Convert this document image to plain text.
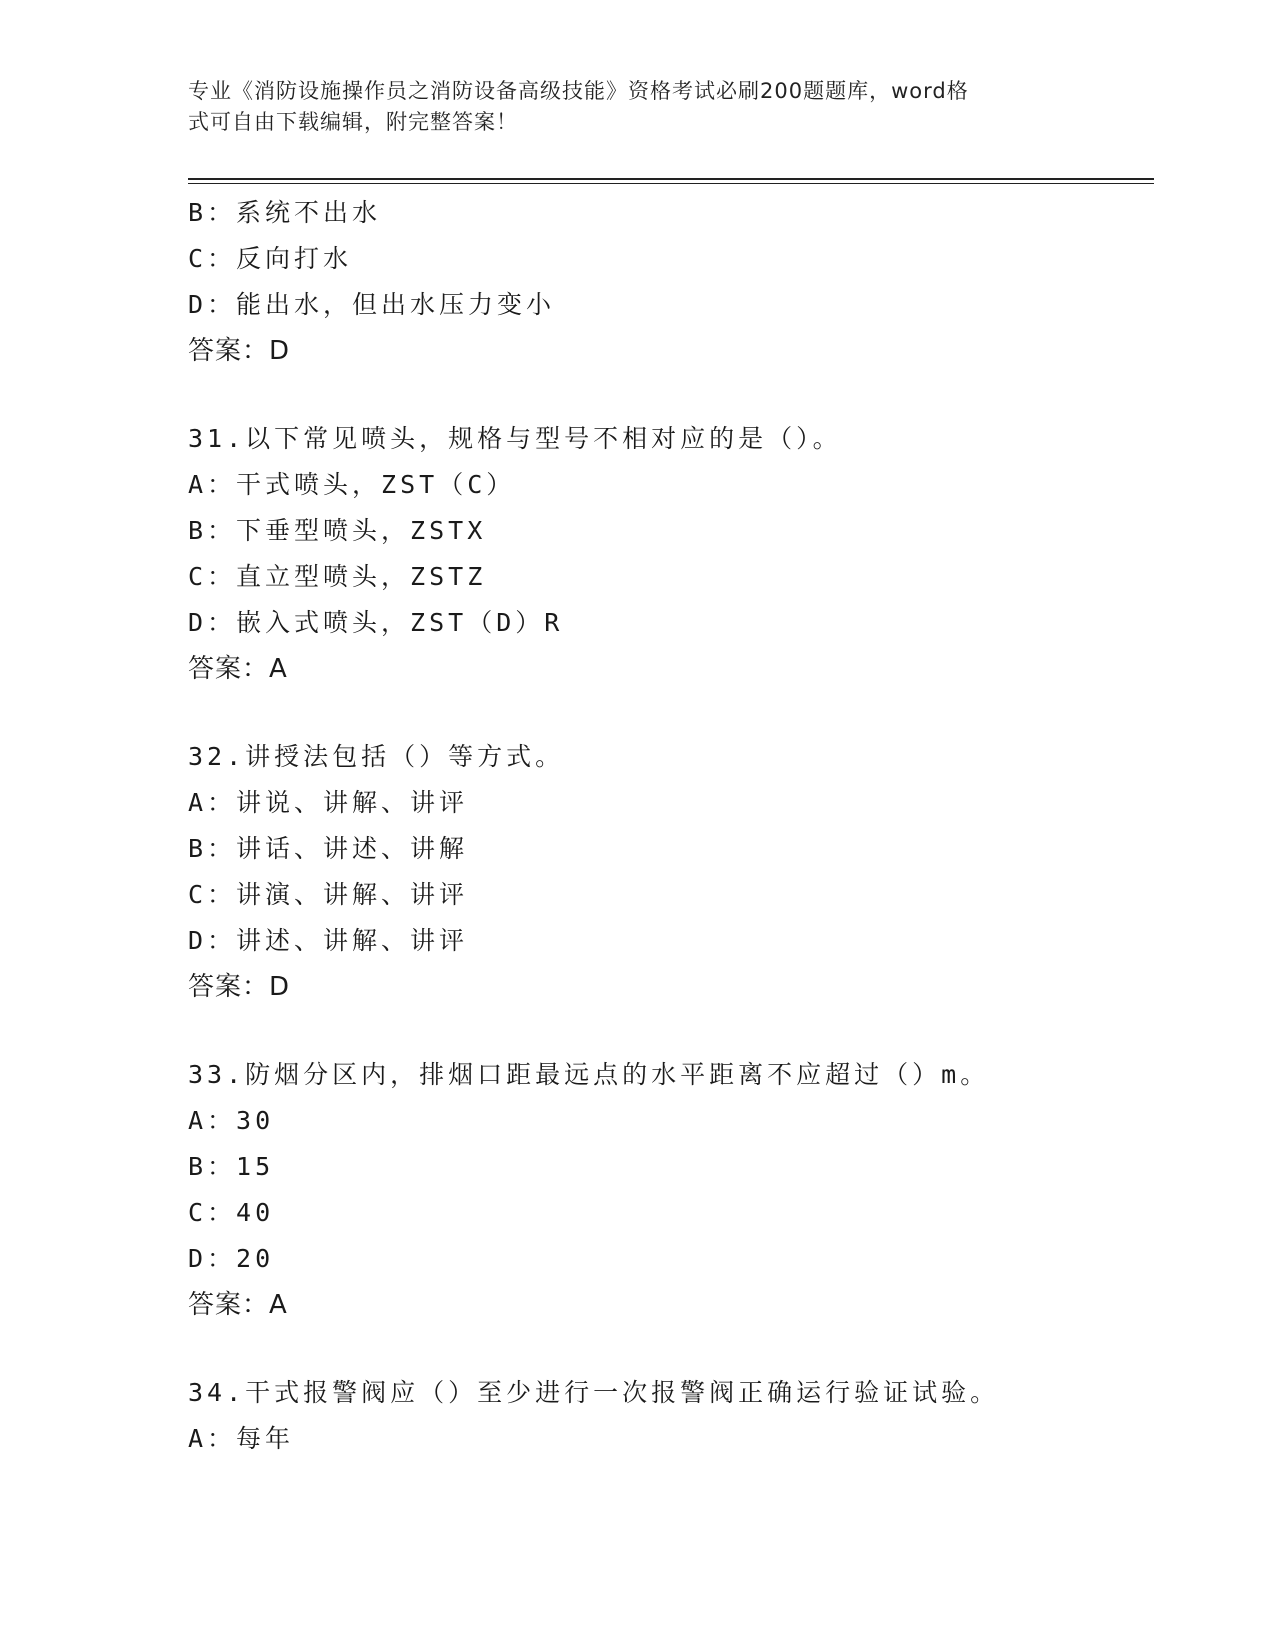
专业《消防设施操作员之消防设备高级技能》资格考试必刷200题题库，word格
式可自由下载编辑，附完整答案！
B：系统不出水
C：反向打水
D：能出水，但出水压力变小
答案：D
31.以下常见喷头，规格与型号不相对应的是（）。
A：干式喷头，ZST（C）
B：下垂型喷头，ZSTX
C：直立型喷头，ZSTZ
D：嵌入式喷头，ZST（D）R
答案：A
32.讲授法包括（）等方式。
A：讲说、讲解、讲评
B：讲话、讲述、讲解
C：讲演、讲解、讲评
D：讲述、讲解、讲评
答案：D
33.防烟分区内，排烟口距最远点的水平距离不应超过（）m。
A：30
B：15
C：40
D：20
答案：A
34.干式报警阀应（）至少进行一次报警阀正确运行验证试验。
A：每年
